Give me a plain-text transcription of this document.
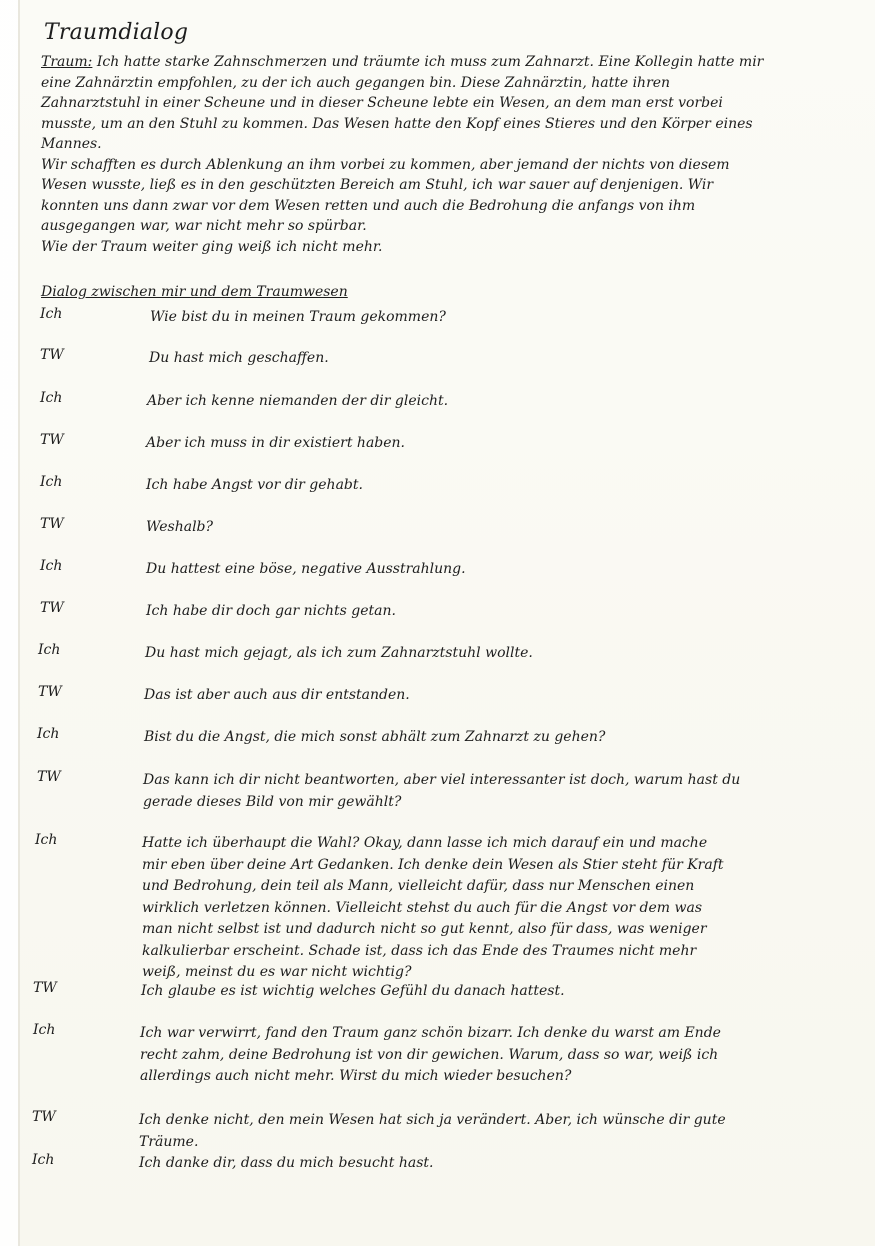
Traumdialog

Traum: Ich hatte starke Zahnschmerzen und träumte ich muss zum Zahnarzt. Eine Kollegin hatte mir eine Zahnärztin empfohlen, zu der ich auch gegangen bin. Diese Zahnärztin, hatte ihren Zahnarztstuhl in einer Scheune und in dieser Scheune lebte ein Wesen, an dem man erst vorbei musste, um an den Stuhl zu kommen. Das Wesen hatte den Kopf eines Stieres und den Körper eines Mannes.

Wir schafften es durch Ablenkung an ihm vorbei zu kommen, aber jemand der nichts von diesem Wesen wusste, ließ es in den geschützten Bereich am Stuhl, ich war sauer auf denjenigen. Wir konnten uns dann zwar vor dem Wesen retten und auch die Bedrohung die anfangs von ihm ausgegangen war, war nicht mehr so spürbar.

Wie der Traum weiter ging weiß ich nicht mehr.

Dialog zwischen mir und dem Traumwesen
Ich	Wie bist du in meinen Traum gekommen?
TW	Du hast mich geschaffen.
Ich	Aber ich kenne niemanden der dir gleicht.
TW	Aber ich muss in dir existiert haben.
Ich	Ich habe Angst vor dir gehabt.
TW	Weshalb?
Ich	Du hattest eine böse, negative Ausstrahlung.
TW	Ich habe dir doch gar nichts getan.
Ich	Du hast mich gejagt, als ich zum Zahnarztstuhl wollte.
TW	Das ist aber auch aus dir entstanden.
Ich	Bist du die Angst, die mich sonst abhält zum Zahnarzt zu gehen?
TW	Das kann ich dir nicht beantworten, aber viel interessanter ist doch, warum hast du gerade dieses Bild von mir gewählt?
Ich	Hatte ich überhaupt die Wahl? Okay, dann lasse ich mich darauf ein und mache mir eben über deine Art Gedanken. Ich denke dein Wesen als Stier steht für Kraft und Bedrohung, dein teil als Mann, vielleicht dafür, dass nur Menschen einen wirklich verletzen können. Vielleicht stehst du auch für die Angst vor dem was man nicht selbst ist und dadurch nicht so gut kennt, also für dass, was weniger kalkulierbar erscheint. Schade ist, dass ich das Ende des Traumes nicht mehr weiß, meinst du es war nicht wichtig?
TW	Ich glaube es ist wichtig welches Gefühl du danach hattest.
Ich	Ich war verwirrt, fand den Traum ganz schön bizarr. Ich denke du warst am Ende recht zahm, deine Bedrohung ist von dir gewichen. Warum, dass so war, weiß ich allerdings auch nicht mehr. Wirst du mich wieder besuchen?
TW	Ich denke nicht, den mein Wesen hat sich ja verändert. Aber, ich wünsche dir gute Träume.
Ich	Ich danke dir, dass du mich besucht hast.
